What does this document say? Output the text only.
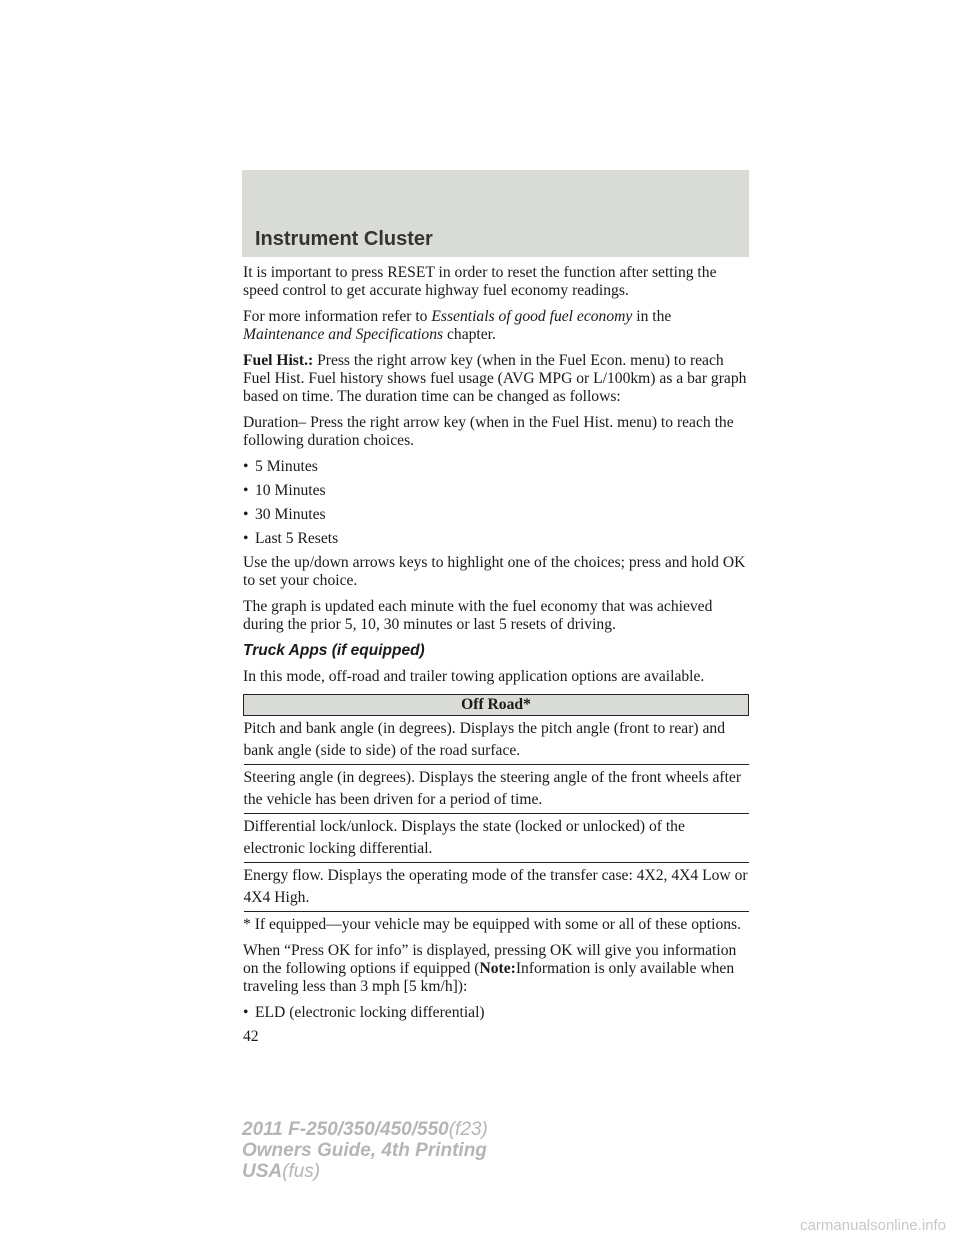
Instrument Cluster

It is important to press RESET in order to reset the function after setting the speed control to get accurate highway fuel economy readings.

For more information refer to Essentials of good fuel economy in the Maintenance and Specifications chapter.

Fuel Hist.: Press the right arrow key (when in the Fuel Econ. menu) to reach Fuel Hist. Fuel history shows fuel usage (AVG MPG or L/100km) as a bar graph based on time. The duration time can be changed as follows:

Duration– Press the right arrow key (when in the Fuel Hist. menu) to reach the following duration choices.

• 5 Minutes
• 10 Minutes
• 30 Minutes
• Last 5 Resets

Use the up/down arrows keys to highlight one of the choices; press and hold OK to set your choice.

The graph is updated each minute with the fuel economy that was achieved during the prior 5, 10, 30 minutes or last 5 resets of driving.

Truck Apps (if equipped)

In this mode, off-road and trailer towing application options are available.

Off Road*
Pitch and bank angle (in degrees). Displays the pitch angle (front to rear) and bank angle (side to side) of the road surface.
Steering angle (in degrees). Displays the steering angle of the front wheels after the vehicle has been driven for a period of time.
Differential lock/unlock. Displays the state (locked or unlocked) of the electronic locking differential.
Energy flow. Displays the operating mode of the transfer case: 4X2, 4X4 Low or 4X4 High.

* If equipped—your vehicle may be equipped with some or all of these options.

When “Press OK for info” is displayed, pressing OK will give you information on the following options if equipped (Note:Information is only available when traveling less than 3 mph [5 km/h]):

• ELD (electronic locking differential)
42
2011 F-250/350/450/550(f23)
Owners Guide, 4th Printing
USA(fus)
carmanualsonline.info
